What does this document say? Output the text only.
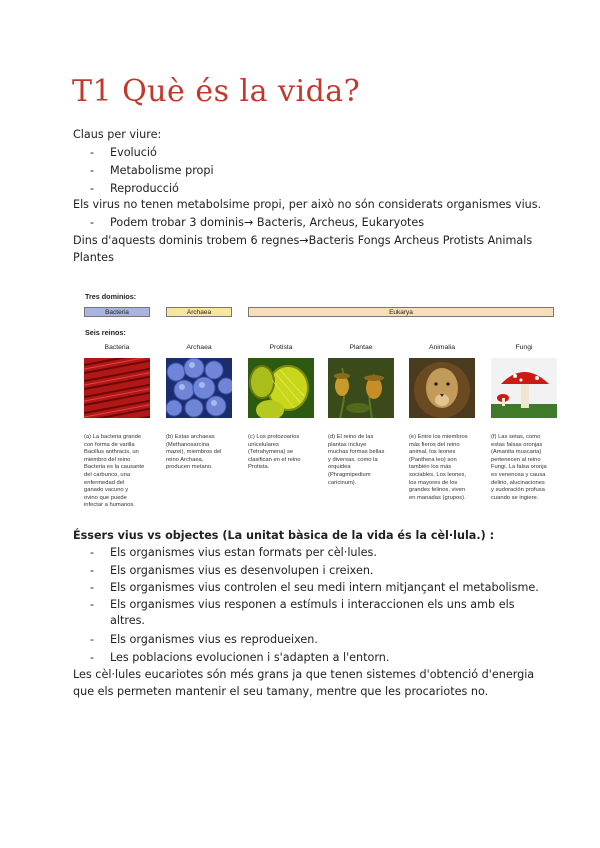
T1 Què és la vida?
Claus per viure:
- Evolució
- Metabolisme propi
- Reproducció
Els virus no tenen metabolsime propi, per això no són considerats organismes vius.
- Podem trobar 3 dominis→ Bacteris, Archeus, Eukaryotes
Dins d'aquests dominis trobem 6 regnes→Bacteris Fongs Archeus Protists Animals
Plantes
Tres dominios:
Bacteria	Archaea	Eukarya
Seis reinos:
Bacteria	Archaea	Protista	Plantae	Animalia	Fungi
(a) La bacteria grande
con forma de varilla
Bacillus anthracis, un
miembro del reino
Bacteria es la causante
del carbunco, una
enfermedad del
ganado vacuno y
ovino que puede
infectar a humanos.
(b) Estas archaeas
(Methanosarcina
mazei), miembros del
reino Archaea,
producen metano.
(c) Los protozoarios
unicelulares
(Tetrahymena) se
clasifican en el reino
Protista.
(d) El reino de las
plantas incluye
muchas formas bellas
y diversas, como la
orquidea
(Phragmipedium
caricinum).
(e) Entre los miembros
más fieros del reino
animal, los leones
(Panthera leo) son
también los más
sociables. Los leones,
los mayores de los
grandes felinos, viven
en manadas (grupos).
(f) Las setas, como
estas falsas oronjas
(Amanita muscaria)
pertenecen al reino
Fungi. La falsa oronja
es venenosa y causa
delirio, alucinaciones
y sudoración profusa
cuando se ingiere.
Éssers vius vs objectes (La unitat bàsica de la vida és la cèl·lula.) :
- Els organismes vius estan formats per cèl·lules.
- Els organismes vius es desenvolupen i creixen.
- Els organismes vius controlen el seu medi intern mitjançant el metabolisme.
- Els organismes vius responen a estímuls i interaccionen els uns amb els
altres.
- Els organismes vius es reprodueixen.
- Les poblacions evolucionen i s'adapten a l'entorn.
Les cèl·lules eucariotes són més grans ja que tenen sistemes d'obtenció d'energia
que els permeten mantenir el seu tamany, mentre que les procariotes no.
